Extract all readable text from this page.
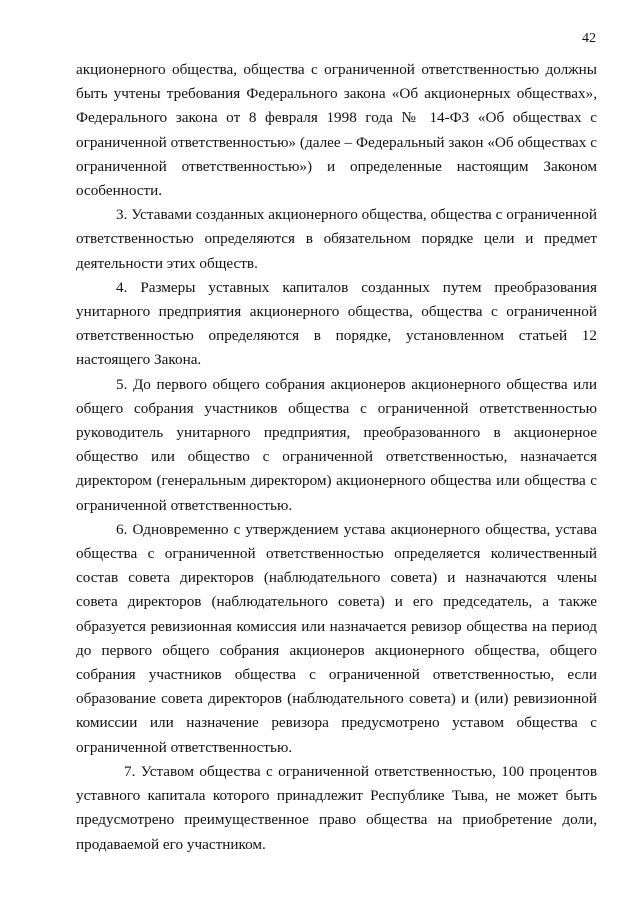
42

акционерного общества, общества с ограниченной ответственностью должны быть учтены требования Федерального закона «Об акционерных обществах», Федерального закона от 8 февраля 1998 года № 14-ФЗ «Об обществах с ограниченной ответственностью» (далее – Федеральный закон «Об обществах с ограниченной ответственностью») и определенные настоящим Законом особенности.

3. Уставами созданных акционерного общества, общества с ограниченной ответственностью определяются в обязательном порядке цели и предмет деятельности этих обществ.

4. Размеры уставных капиталов созданных путем преобразования унитарного предприятия акционерного общества, общества с ограниченной ответственностью определяются в порядке, установленном статьей 12 настоящего Закона.

5. До первого общего собрания акционеров акционерного общества или общего собрания участников общества с ограниченной ответственностью руководитель унитарного предприятия, преобразованного в акционерное общество или общество с ограниченной ответственностью, назначается директором (генеральным директором) акционерного общества или общества с ограниченной ответственностью.

6. Одновременно с утверждением устава акционерного общества, устава общества с ограниченной ответственностью определяется количественный состав совета директоров (наблюдательного совета) и назначаются члены совета директоров (наблюдательного совета) и его председатель, а также образуется ревизионная комиссия или назначается ревизор общества на период до первого общего собрания акционеров акционерного общества, общего собрания участников общества с ограниченной ответственностью, если образование совета директоров (наблюдательного совета) и (или) ревизионной комиссии или назначение ревизора предусмотрено уставом общества с ограниченной ответственностью.

7. Уставом общества с ограниченной ответственностью, 100 процентов уставного капитала которого принадлежит Республике Тыва, не может быть предусмотрено преимущественное право общества на приобретение доли, продаваемой его участником.
